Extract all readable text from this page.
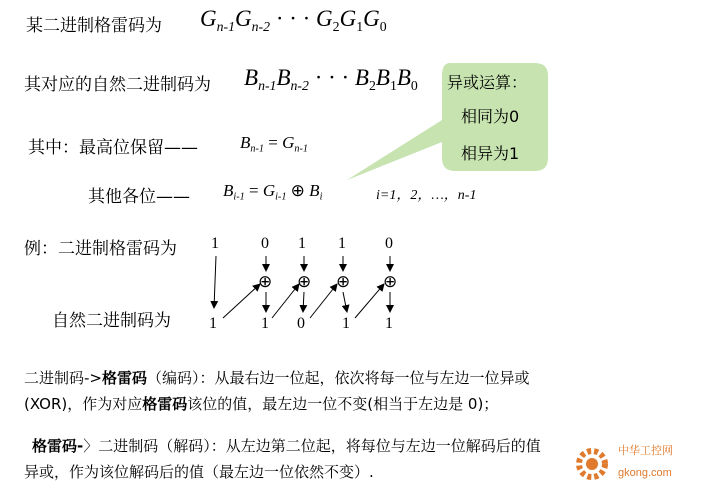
某二进制格雷码为 $G_{n-1}G_{n-2}$ · · · $G_2G_1G_0$
异或运算：
相同为0
相异为1
其对应的自然二进制码为 $B_{n-1}B_{n-2}$ · · · $B_2B_1B_0$
其中：最高位保留—— $B_{n-1} = G_{n-1}$
其他各位—— $B_{i-1} = G_{i-1}$ ⊕ $B_i$	i=1，2，…，n-1
例：二进制格雷码为
自然二进制码为
1	0 1 1 0
⊕ ⊕ ⊕ ⊕
1	1 0 1 1
二进制码->格雷码（编码）：从最右边一位起，依次将每一位与左边一位异或
(XOR)，作为对应格雷码该位的值，最左边一位不变(相当于左边是 0)；
格雷码-〉二进制码（解码）：从左边第二位起，将每位与左边一位解码后的值
异或，作为该位解码后的值（最左边一位依然不变）.
中华工控网
gkong.com
